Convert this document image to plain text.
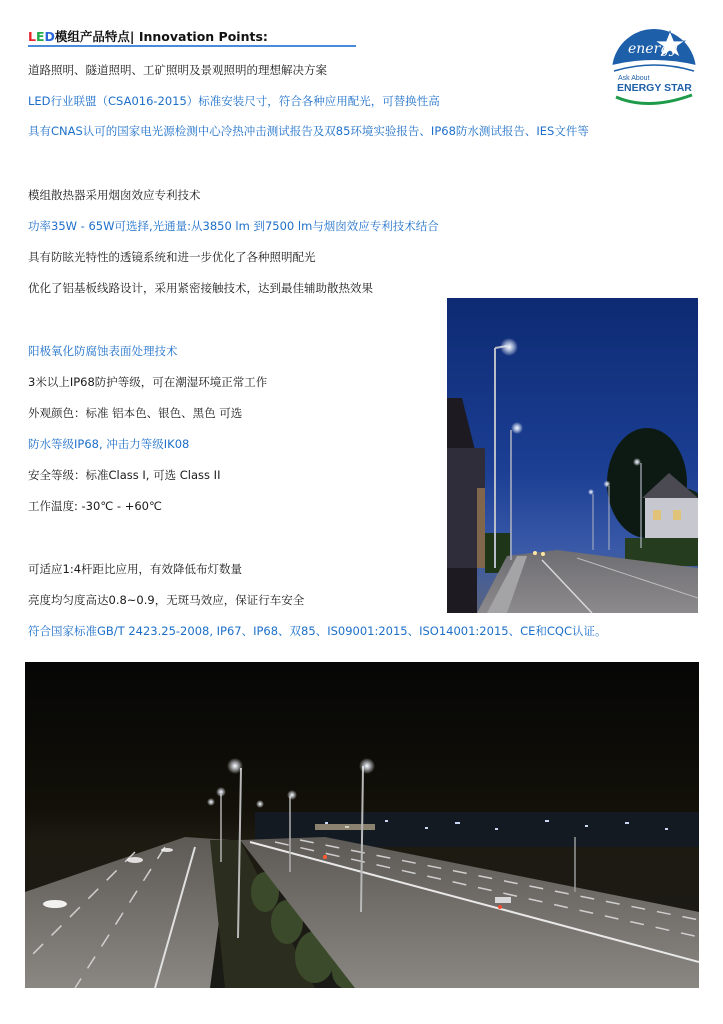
LED模组产品特点| Innovation Points:
道路照明、隧道照明、工矿照明及景观照明的理想解决方案
LED行业联盟（CSA016-2015）标准安装尺寸，符合各种应用配光，可替换性高
具有CNAS认可的国家电光源检测中心冷热冲击测试报告及双85环境实验报告、IP68防水测试报告、IES文件等
模组散热器采用烟囱效应专利技术
功率35W - 65W可选择,光通量:从3850 lm 到7500 lm与烟囱效应专利技术结合
具有防眩光特性的透镜系统和进一步优化了各种照明配光
优化了铝基板线路设计，采用紧密接触技术，达到最佳辅助散热效果
阳极氧化防腐蚀表面处理技术
3米以上IP68防护等级，可在潮湿环境正常工作
外观颜色：标准 铝本色、银色、黑色 可选
防水等级IP68, 冲击力等级IK08
安全等级：标准Class I, 可选 Class II
工作温度: -30℃ - +60℃
可适应1:4杆距比应用，有效降低布灯数量
亮度均匀度高达0.8~0.9，无斑马效应，保证行车安全
符合国家标准GB/T 2423.25-2008, IP67、IP68、双85、IS09001:2015、ISO14001:2015、CE和CQC认证。
energy
Ask About
ENERGY STAR
